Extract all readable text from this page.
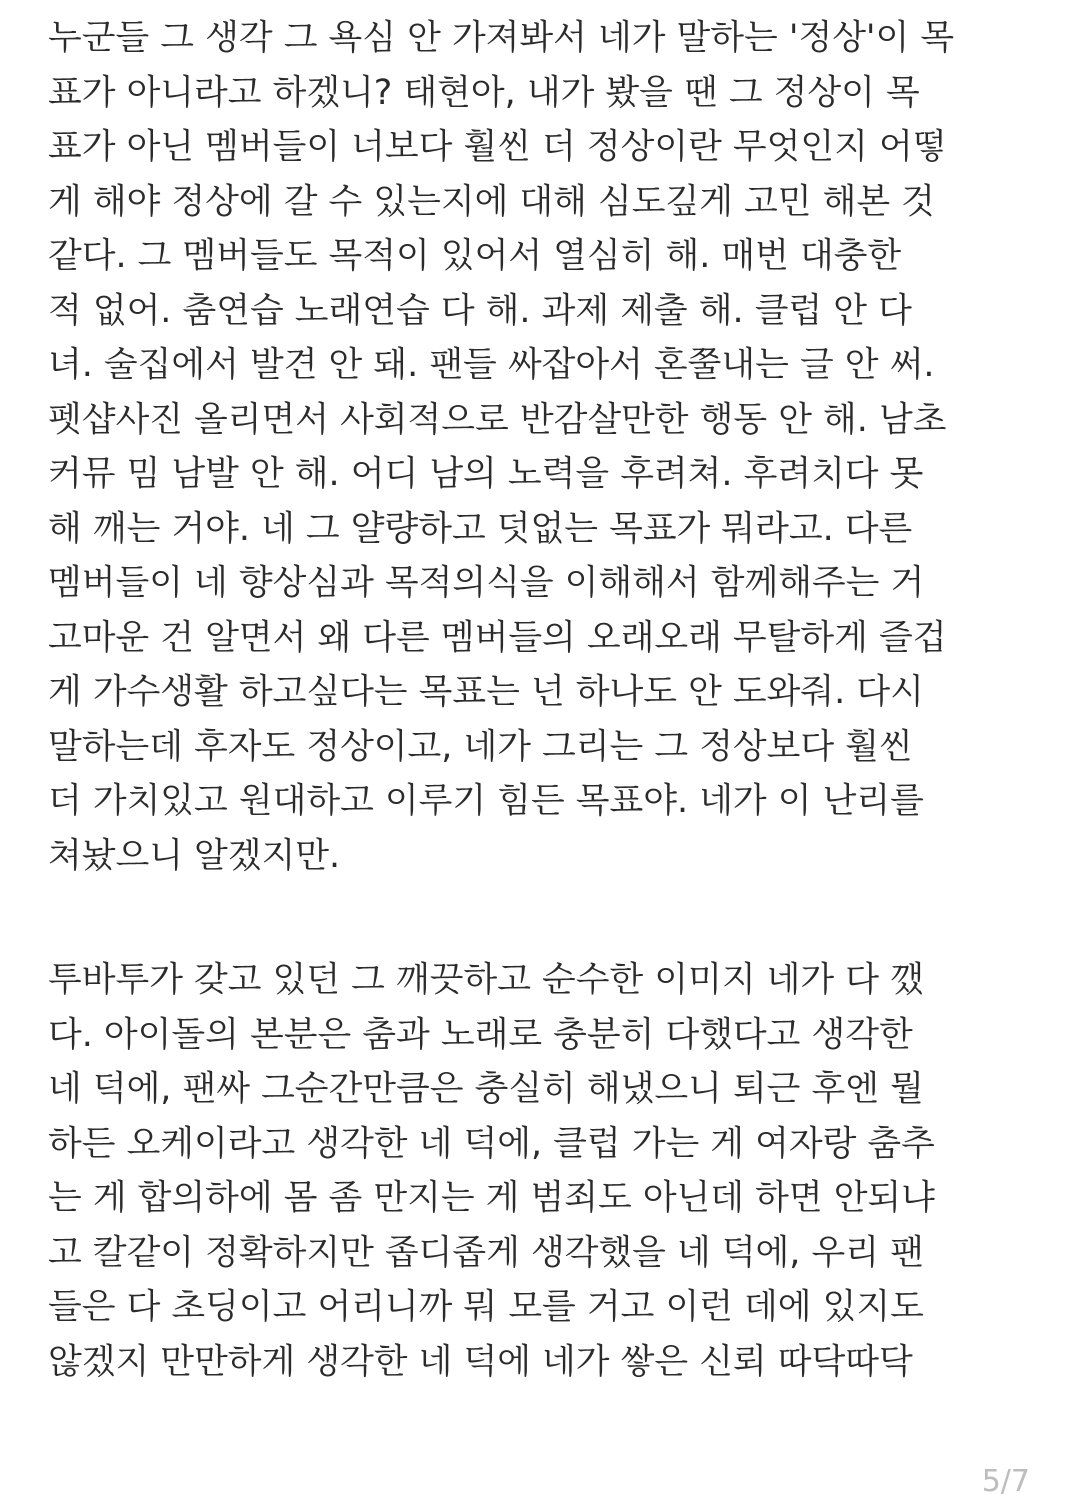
누군들 그 생각 그 욕심 안 가져봐서 네가 말하는 '정상'이 목
표가 아니라고 하겠니? 태현아, 내가 봤을 땐 그 정상이 목
표가 아닌 멤버들이 너보다 훨씬 더 정상이란 무엇인지 어떻
게 해야 정상에 갈 수 있는지에 대해 심도깊게 고민 해본 것
같다. 그 멤버들도 목적이 있어서 열심히 해. 매번 대충한
적 없어. 춤연습 노래연습 다 해. 과제 제출 해. 클럽 안 다
녀. 술집에서 발견 안 돼. 팬들 싸잡아서 혼쭐내는 글 안 써.
펫샵사진 올리면서 사회적으로 반감살만한 행동 안 해. 남초
커뮤 밈 남발 안 해. 어디 남의 노력을 후려쳐. 후려치다 못
해 깨는 거야. 네 그 얄량하고 덧없는 목표가 뭐라고. 다른
멤버들이 네 향상심과 목적의식을 이해해서 함께해주는 거
고마운 건 알면서 왜 다른 멤버들의 오래오래 무탈하게 즐겁
게 가수생활 하고싶다는 목표는 넌 하나도 안 도와줘. 다시
말하는데 후자도 정상이고, 네가 그리는 그 정상보다 훨씬
더 가치있고 원대하고 이루기 힘든 목표야. 네가 이 난리를
쳐놨으니 알겠지만.
투바투가 갖고 있던 그 깨끗하고 순수한 이미지 네가 다 깼
다. 아이돌의 본분은 춤과 노래로 충분히 다했다고 생각한
네 덕에, 팬싸 그순간만큼은 충실히 해냈으니 퇴근 후엔 뭘
하든 오케이라고 생각한 네 덕에, 클럽 가는 게 여자랑 춤추
는 게 합의하에 몸 좀 만지는 게 범죄도 아닌데 하면 안되냐
고 칼같이 정확하지만 좁디좁게 생각했을 네 덕에, 우리 팬
들은 다 초딩이고 어리니까 뭐 모를 거고 이런 데에 있지도
않겠지 만만하게 생각한 네 덕에 네가 쌓은 신뢰 따닥따닥
5/7
